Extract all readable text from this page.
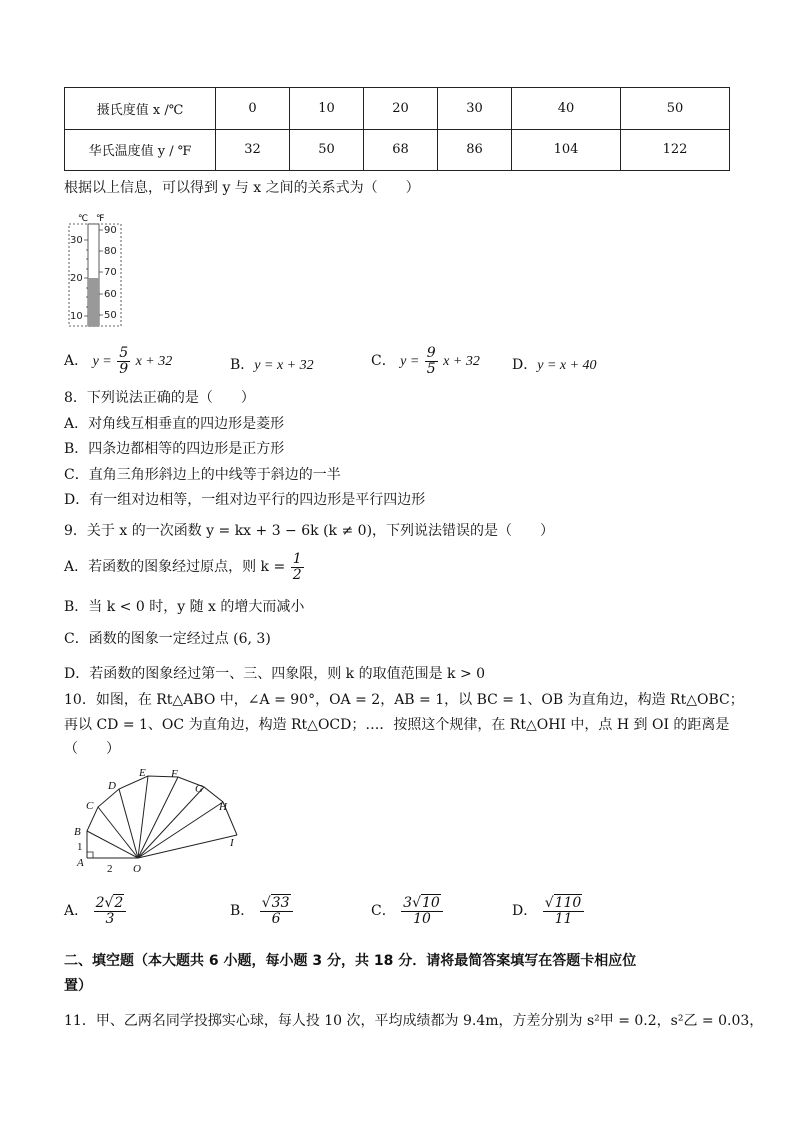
摄氏度值 x /℃	0	10	20	30	40	50
华氏温度值 y / ℉	32	50	68	86	104	122
根据以上信息，可以得到 y 与 x 之间的关系式为（　　）
℃ ℉
30
20
10
90
80
70
60
50
A． $y = \frac{5}{9}$ x + 32	B．y = x + 32	C． $y = \frac{9}{5}$ x + 32 D．y = x + 40
8．下列说法正确的是（　　）
A．对角线互相垂直的四边形是菱形
B．四条边都相等的四边形是正方形
C．直角三角形斜边上的中线等于斜边的一半
D．有一组对边相等，一组对边平行的四边形是平行四边形
9．关于 x 的一次函数 y = kx + 3 − 6k (k ≠ 0)，下列说法错误的是（　　）
A．若函数的图象经过原点，则 $k = \frac{1}{2}$
B．当 k < 0 时，y 随 x 的增大而减小
C．函数的图象一定经过点 (6, 3)
D．若函数的图象经过第一、三、四象限，则 k 的取值范围是 k > 0
10．如图，在 Rt△ABO 中，∠A = 90°，OA = 2，AB = 1，以 BC = 1、OB 为直角边，构造 Rt△OBC；
再以 CD = 1、OC 为直角边，构造 Rt△OCD；…．按照这个规律，在 Rt△OHI 中，点 H 到 OI 的距离是
（　　）
A
B
C
D
E F
G
H
I
O
1
2
A． $\frac{2√2}{3}$	B． $\frac{√33}{6}$	C． $\frac{3√10}{10}$	D． $\frac{√110}{11}$
二、填空题（本大题共 6 小题，每小题 3 分，共 18 分．请将最简答案填写在答题卡相应位
置）
11．甲、乙两名同学投掷实心球，每人投 10 次，平均成绩都为 9.4m，方差分别为 s²甲 = 0.2，s²乙 = 0.03，
